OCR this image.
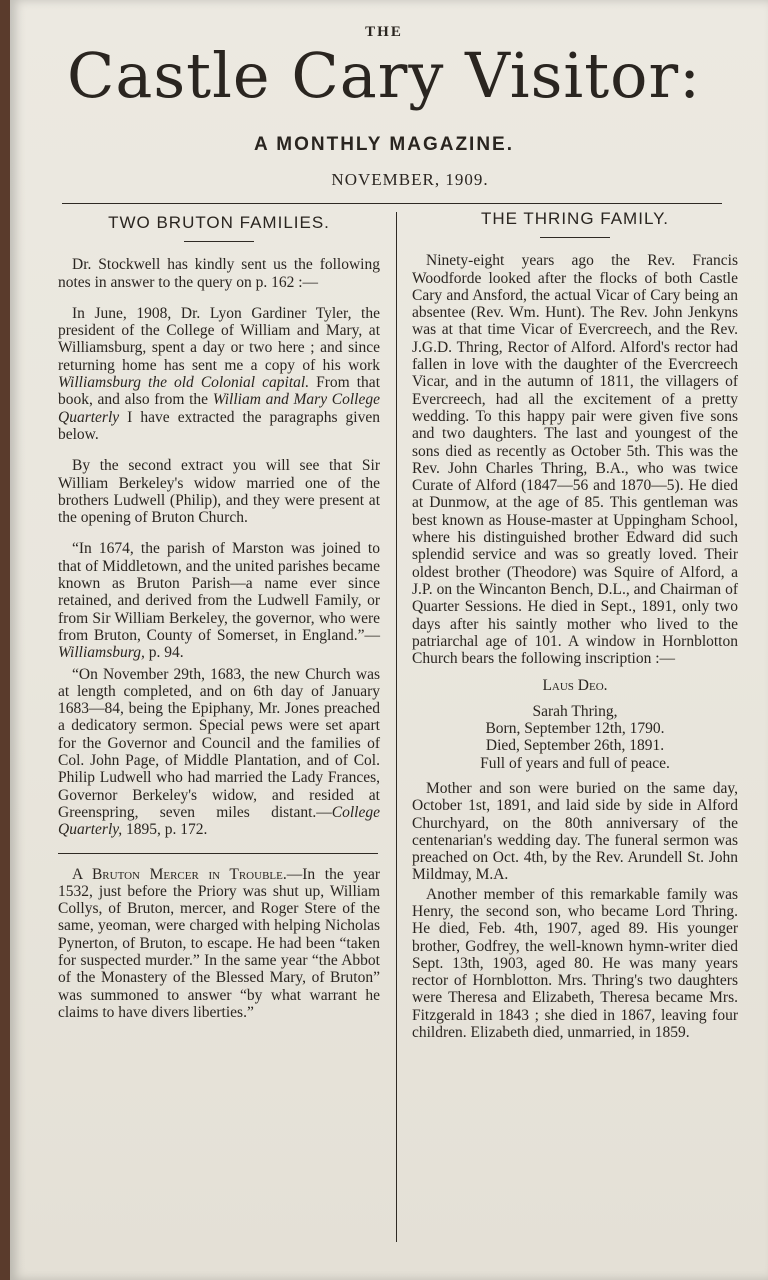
THE
Castle Cary Visitor:
A MONTHLY MAGAZINE.
NOVEMBER, 1909.

TWO BRUTON FAMILIES.

Dr. Stockwell has kindly sent us the following notes in answer to the query on p. 162 :—

In June, 1908, Dr. Lyon Gardiner Tyler, the president of the College of William and Mary, at Williamsburg, spent a day or two here ; and since returning home has sent me a copy of his work Williamsburg the old Colonial capital. From that book, and also from the William and Mary College Quarterly I have extracted the paragraphs given below.

By the second extract you will see that Sir William Berkeley's widow married one of the brothers Ludwell (Philip), and they were present at the opening of Bruton Church.

“In 1674, the parish of Marston was joined to that of Middletown, and the united parishes became known as Bruton Parish—a name ever since retained, and derived from the Ludwell Family, or from Sir William Berkeley, the governor, who were from Bruton, County of Somerset, in England.”—Williamsburg, p. 94.

“On November 29th, 1683, the new Church was at length completed, and on 6th day of January 1683—84, being the Epiphany, Mr. Jones preached a dedicatory sermon. Special pews were set apart for the Governor and Council and the families of Col. John Page, of Middle Plantation, and of Col. Philip Ludwell who had married the Lady Frances, Governor Berkeley's widow, and resided at Greenspring, seven miles distant.—College Quarterly, 1895, p. 172.

A Bruton Mercer in Trouble.—In the year 1532, just before the Priory was shut up, William Collys, of Bruton, mercer, and Roger Stere of the same, yeoman, were charged with helping Nicholas Pynerton, of Bruton, to escape. He had been “taken for suspected murder.” In the same year “the Abbot of the Monastery of the Blessed Mary, of Bruton” was summoned to answer “by what warrant he claims to have divers liberties.”

THE THRING FAMILY.

Ninety-eight years ago the Rev. Francis Woodforde looked after the flocks of both Castle Cary and Ansford, the actual Vicar of Cary being an absentee (Rev. Wm. Hunt). The Rev. John Jenkyns was at that time Vicar of Evercreech, and the Rev. J.G.D. Thring, Rector of Alford. Alford's rector had fallen in love with the daughter of the Evercreech Vicar, and in the autumn of 1811, the villagers of Evercreech, had all the excitement of a pretty wedding. To this happy pair were given five sons and two daughters. The last and youngest of the sons died as recently as October 5th. This was the Rev. John Charles Thring, B.A., who was twice Curate of Alford (1847—56 and 1870—5). He died at Dunmow, at the age of 85. This gentleman was best known as House-master at Uppingham School, where his distinguished brother Edward did such splendid service and was so greatly loved. Their oldest brother (Theodore) was Squire of Alford, a J.P. on the Wincanton Bench, D.L., and Chairman of Quarter Sessions. He died in Sept., 1891, only two days after his saintly mother who lived to the patriarchal age of 101. A window in Hornblotton Church bears the following inscription :—

Laus Deo.

Sarah Thring,

Born, September 12th, 1790.

Died, September 26th, 1891.

Full of years and full of peace.

Mother and son were buried on the same day, October 1st, 1891, and laid side by side in Alford Churchyard, on the 80th anniversary of the centenarian's wedding day. The funeral sermon was preached on Oct. 4th, by the Rev. Arundell St. John Mildmay, M.A.

Another member of this remarkable family was Henry, the second son, who became Lord Thring. He died, Feb. 4th, 1907, aged 89. His younger brother, Godfrey, the well-known hymn-writer died Sept. 13th, 1903, aged 80. He was many years rector of Hornblotton. Mrs. Thring's two daughters were Theresa and Elizabeth, Theresa became Mrs. Fitzgerald in 1843 ; she died in 1867, leaving four children. Elizabeth died, unmarried, in 1859.
